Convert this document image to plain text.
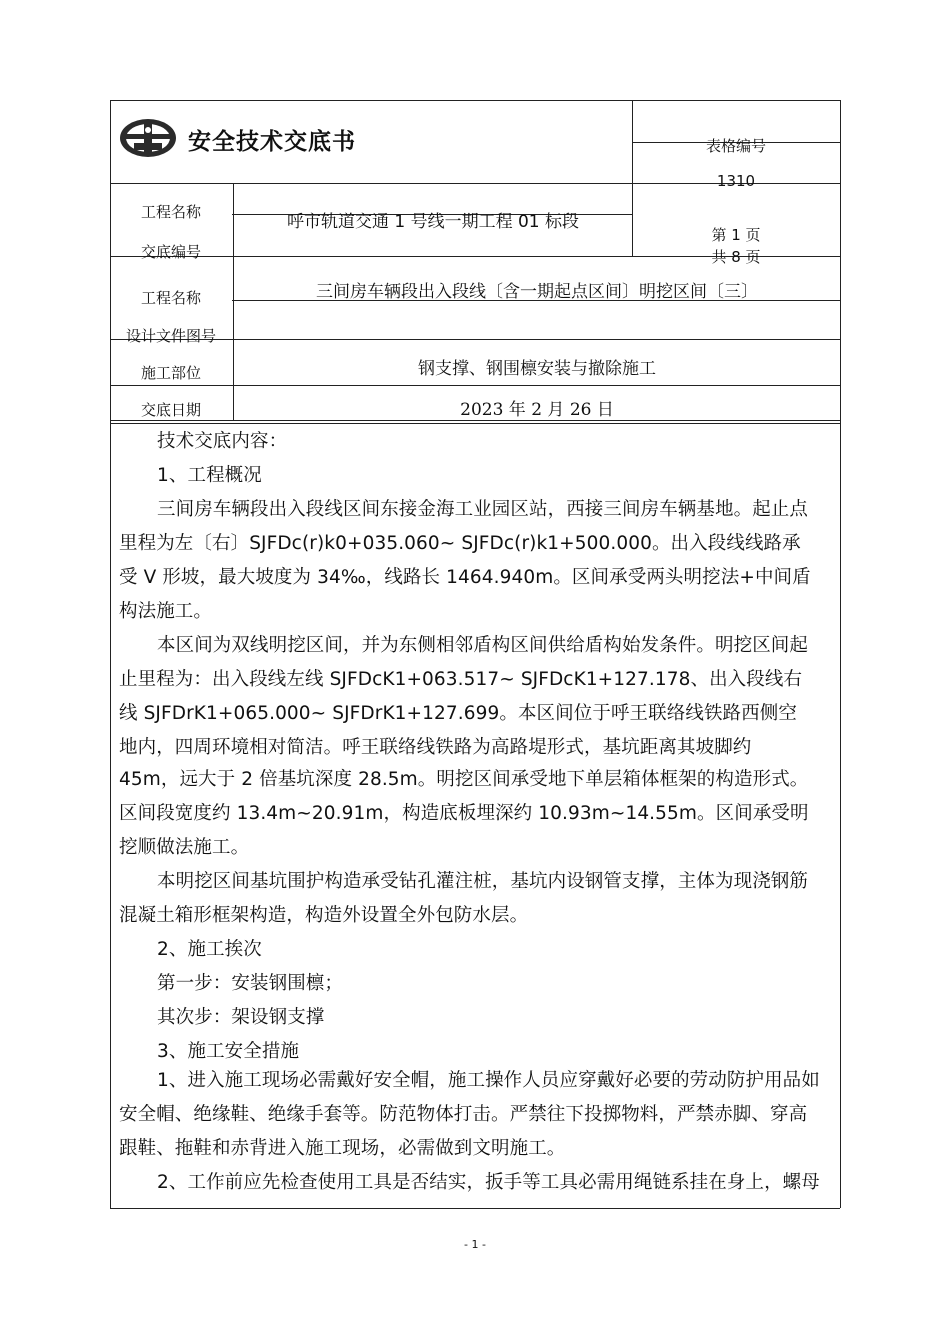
安全技术交底书	表格编号
1310
工程名称	呼市轨道交通 1 号线一期工程 01 标段
交底编号
第 1 页
共 8 页
工程名称	三间房车辆段出入段线〔含一期起点区间〕明挖区间〔三〕
设计文件图号
施工部位	钢支撑、钢围檩安装与撤除施工
交底日期	2023 年 2 月 26 日
技术交底内容：
1、工程概况
三间房车辆段出入段线区间东接金海工业园区站，西接三间房车辆基地。起止点
里程为左〔右〕SJFDc(r)k0+035.060~ SJFDc(r)k1+500.000。出入段线线路承
受 V 形坡，最大坡度为 34‰，线路长 1464.940m。区间承受两头明挖法+中间盾
构法施工。
本区间为双线明挖区间，并为东侧相邻盾构区间供给盾构始发条件。明挖区间起
止里程为：出入段线左线 SJFDcK1+063.517~ SJFDcK1+127.178、出入段线右
线 SJFDrK1+065.000~ SJFDrK1+127.699。本区间位于呼王联络线铁路西侧空
地内，四周环境相对简洁。呼王联络线铁路为高路堤形式，基坑距离其坡脚约
45m，远大于 2 倍基坑深度 28.5m。明挖区间承受地下单层箱体框架的构造形式。
区间段宽度约 13.4m~20.91m，构造底板埋深约 10.93m~14.55m。区间承受明
挖顺做法施工。
本明挖区间基坑围护构造承受钻孔灌注桩，基坑内设钢管支撑，主体为现浇钢筋
混凝土箱形框架构造，构造外设置全外包防水层。
2、施工挨次
第一步：安装钢围檩；
其次步：架设钢支撑
3、施工安全措施
1、进入施工现场必需戴好安全帽，施工操作人员应穿戴好必要的劳动防护用品如
安全帽、绝缘鞋、绝缘手套等。防范物体打击。严禁往下投掷物料，严禁赤脚、穿高
跟鞋、拖鞋和赤背进入施工现场，必需做到文明施工。
2、工作前应先检查使用工具是否结实，扳手等工具必需用绳链系挂在身上，螺母
- 1 -
